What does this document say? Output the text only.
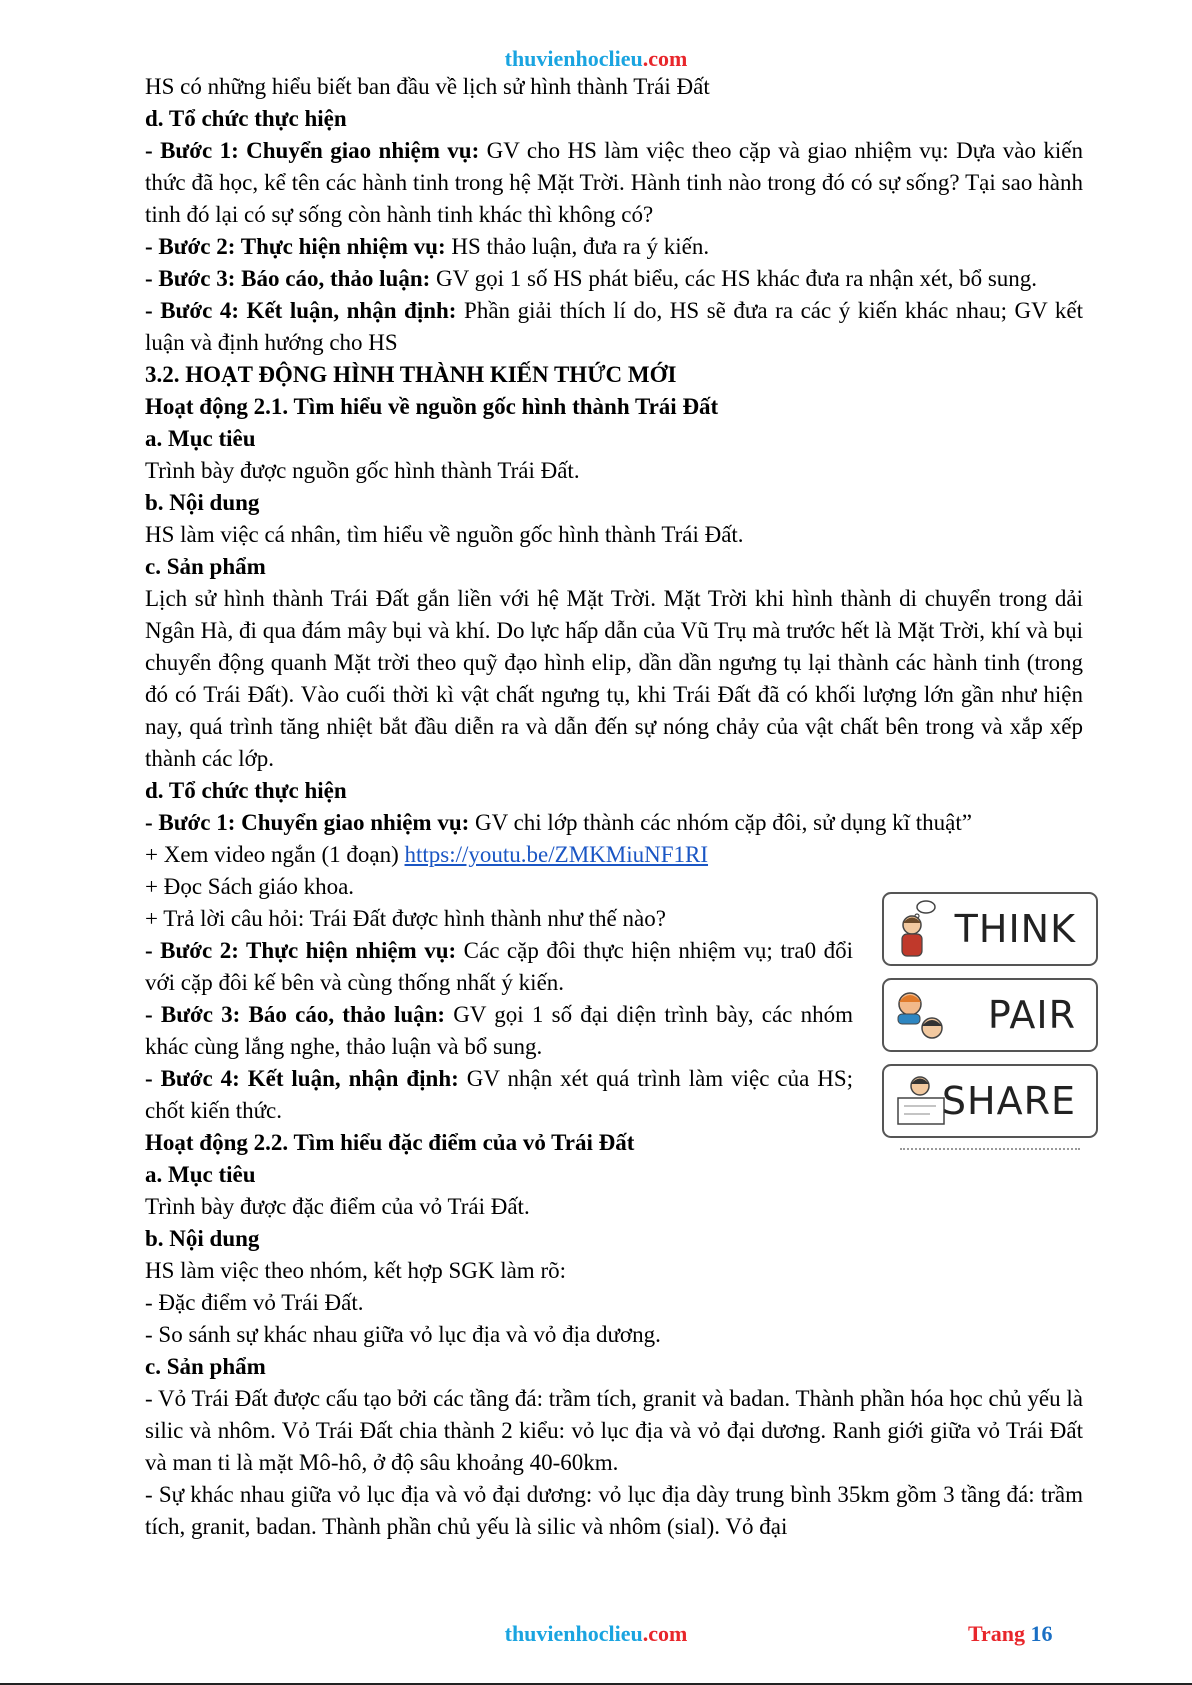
thuvienhoclieu.com

HS có những hiểu biết ban đầu về lịch sử hình thành Trái Đất

d. Tổ chức thực hiện

- Bước 1: Chuyển giao nhiệm vụ: GV cho HS làm việc theo cặp và giao nhiệm vụ: Dựa vào kiến thức đã học, kể tên các hành tinh trong hệ Mặt Trời. Hành tinh nào trong đó có sự sống? Tại sao hành tinh đó lại có sự sống còn hành tinh khác thì không có?

- Bước 2: Thực hiện nhiệm vụ: HS thảo luận, đưa ra ý kiến.

- Bước 3: Báo cáo, thảo luận: GV gọi 1 số HS phát biểu, các HS khác đưa ra nhận xét, bổ sung.

- Bước 4: Kết luận, nhận định: Phần giải thích lí do, HS sẽ đưa ra các ý kiến khác nhau; GV kết luận và định hướng cho HS

3.2. HOẠT ĐỘNG HÌNH THÀNH KIẾN THỨC MỚI

Hoạt động 2.1. Tìm hiểu về nguồn gốc hình thành Trái Đất

a. Mục tiêu

Trình bày được nguồn gốc hình thành Trái Đất.

b. Nội dung

HS làm việc cá nhân, tìm hiểu về nguồn gốc hình thành Trái Đất.

c. Sản phẩm

Lịch sử hình thành Trái Đất gắn liền với hệ Mặt Trời. Mặt Trời khi hình thành di chuyển trong dải Ngân Hà, đi qua đám mây bụi và khí. Do lực hấp dẫn của Vũ Trụ mà trước hết là Mặt Trời, khí và bụi chuyển động quanh Mặt trời theo quỹ đạo hình elip, dần dần ngưng tụ lại thành các hành tinh (trong đó có Trái Đất). Vào cuối thời kì vật chất ngưng tụ, khi Trái Đất đã có khối lượng lớn gần như hiện nay, quá trình tăng nhiệt bắt đầu diễn ra và dẫn đến sự nóng chảy của vật chất bên trong và xắp xếp thành các lớp.

d. Tổ chức thực hiện

- Bước 1: Chuyển giao nhiệm vụ: GV chi lớp thành các nhóm cặp đôi, sử dụng kĩ thuật”

+ Xem video ngắn (1 đoạn) https://youtu.be/ZMKMiuNF1RI

+ Đọc Sách giáo khoa.

+ Trả lời câu hỏi: Trái Đất được hình thành như thế nào?

- Bước 2: Thực hiện nhiệm vụ: Các cặp đôi thực hiện nhiệm vụ; tra0 đổi với cặp đôi kế bên và cùng thống nhất ý kiến.

- Bước 3: Báo cáo, thảo luận: GV gọi 1 số đại diện trình bày, các nhóm khác cùng lắng nghe, thảo luận và bổ sung.

- Bước 4: Kết luận, nhận định: GV nhận xét quá trình làm việc của HS; chốt kiến thức.

Hoạt động 2.2. Tìm hiểu đặc điểm của vỏ Trái Đất

a. Mục tiêu

Trình bày được đặc điểm của vỏ Trái Đất.

b. Nội dung

HS làm việc theo nhóm, kết hợp SGK làm rõ:

- Đặc điểm vỏ Trái Đất.

- So sánh sự khác nhau giữa vỏ lục địa và vỏ địa dương.

c. Sản phẩm

- Vỏ Trái Đất được cấu tạo bởi các tầng đá: trầm tích, granit và badan. Thành phần hóa học chủ yếu là silic và nhôm. Vỏ Trái Đất chia thành 2 kiểu: vỏ lục địa và vỏ đại dương. Ranh giới giữa vỏ Trái Đất và man ti là mặt Mô-hô, ở độ sâu khoảng 40-60km.

- Sự khác nhau giữa vỏ lục địa và vỏ đại dương: vỏ lục địa dày trung bình 35km gồm 3 tầng đá: trầm tích, granit, badan. Thành phần chủ yếu là silic và nhôm (sial). Vỏ đại

THINK
PAIR
SHARE
thuvienhoclieu.com	Trang 16
